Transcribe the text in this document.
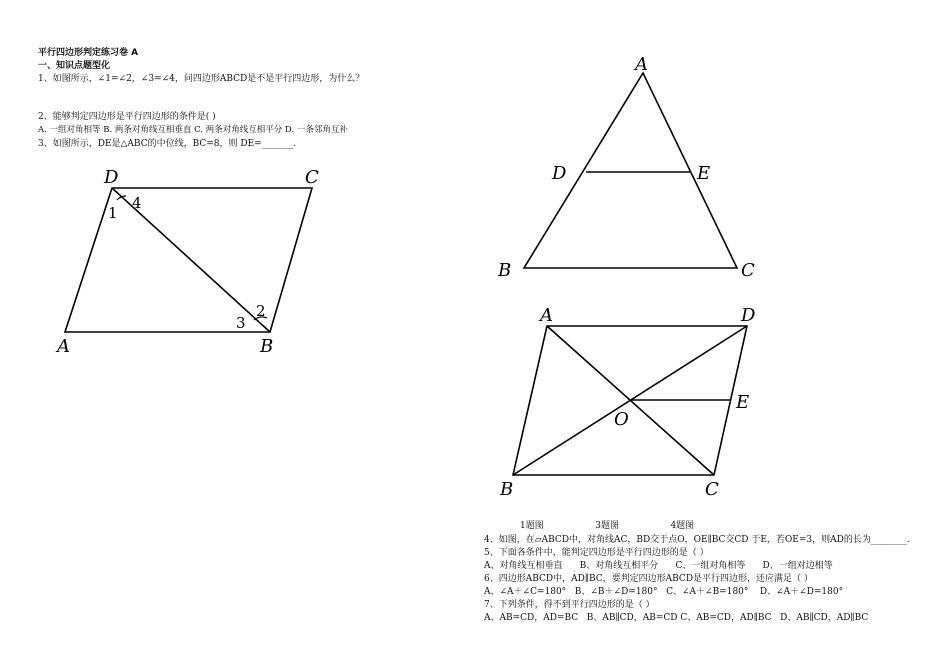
平行四边形判定练习卷 A
一、知识点题型化
1、如图所示，∠1=∠2，∠3=∠4，问四边形ABCD是不是平行四边形，为什么？
2、能够判定四边形是平行四边形的条件是( )
A. 一组对角相等 B. 两条对角线互相垂直 C. 两条对角线互相平分 D. 一条邻角互补
3、如图所示，DE是△ABC的中位线，BC=8，则 DE=_______.
D	C
A	B
1
4
2
3
A
D	E
B	C
A	D
E
O
B	C
1题图                  3题图                  4题图
4、如图，在▱ABCD中，对角线AC，BD交于点O，OE∥BC交CD 于E，若OE=3，则AD的长为________.
5、下面各条件中，能判定四边形是平行四边形的是（ ）
A、对角线互相垂直      B、对角线互相平分      C、一组对角相等      D、一组对边相等
6、四边形ABCD中，AD∥BC，要判定四边形ABCD是平行四边形，还应满足（ ）
A、∠A＋∠C=180°   B、∠B＋∠D=180°   C、∠A＋∠B=180°    D、∠A＋∠D=180°
7、下列条件，得不到平行四边形的是（ ）
A、AB=CD，AD=BC   B、AB∥CD，AB=CD C、AB=CD，AD∥BC   D、AB∥CD，AD∥BC
